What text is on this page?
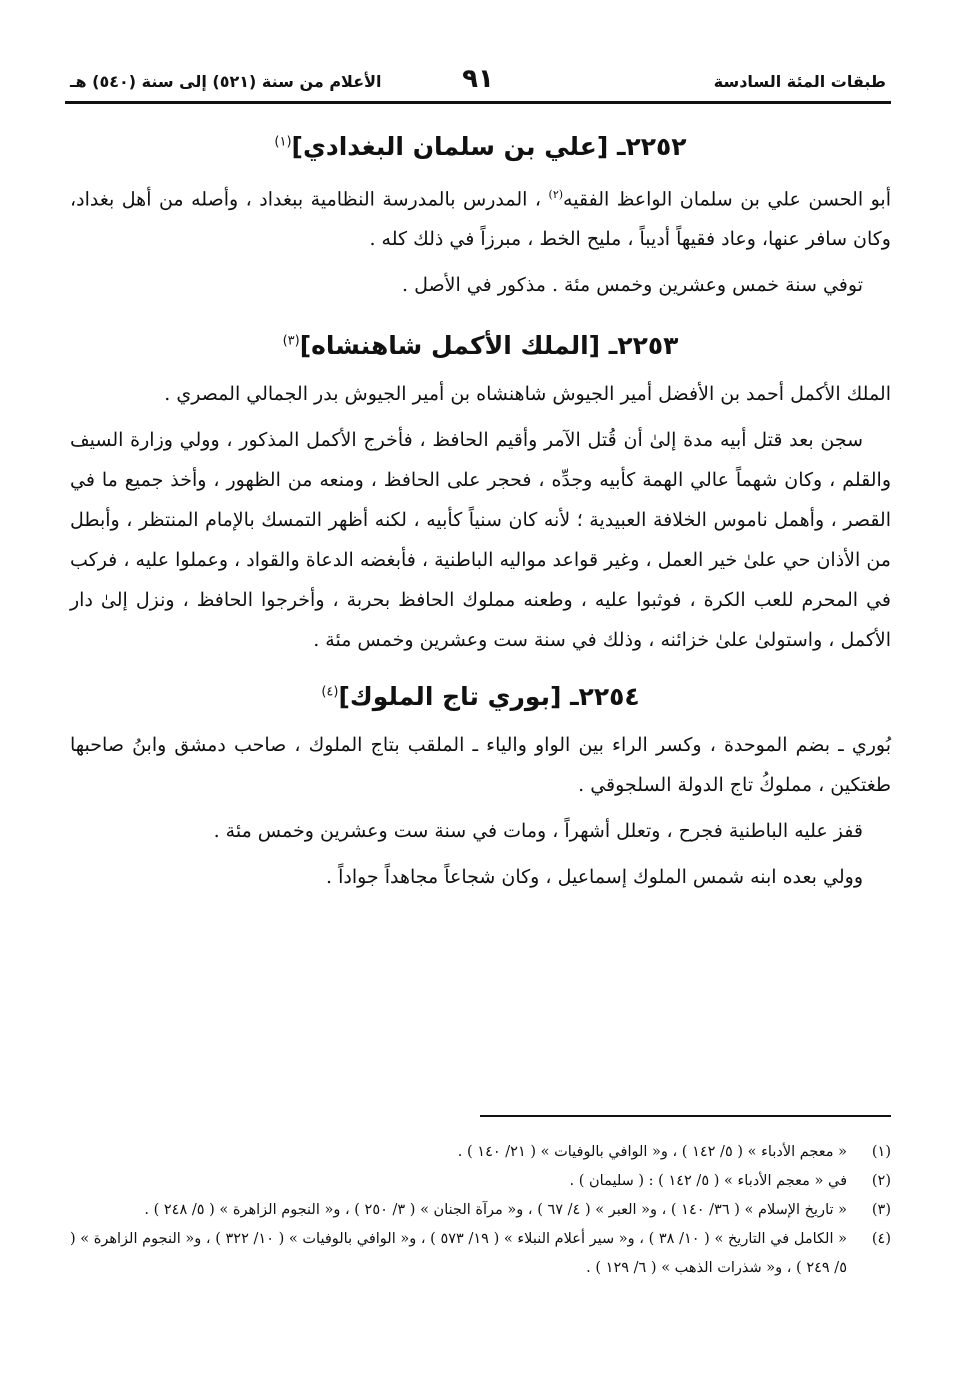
طبقات المئة السادسة
٩١
الأعلام من سنة (٥٢١) إلى سنة (٥٤٠) هـ
٢٢٥٢ـ [علي بن سلمان البغدادي]$^{(١)}$

أبو الحسن علي بن سلمان الواعظ الفقيه$^{(٢)}$ ، المدرس بالمدرسة النظامية ببغداد ، وأصله من أهل بغداد، وكان سافر عنها، وعاد فقيهاً أديباً ، مليح الخط ، مبرزاً في ذلك كله .

توفي سنة خمس وعشرين وخمس مئة . مذكور في الأصل .

٢٢٥٣ـ [الملك الأكمل شاهنشاه]$^{(٣)}$

الملك الأكمل أحمد بن الأفضل أمير الجيوش شاهنشاه بن أمير الجيوش بدر الجمالي المصري .

سجن بعد قتل أبيه مدة إلىٰ أن قُتل الآمر وأقيم الحافظ ، فأخرج الأكمل المذكور ، وولي وزارة السيف والقلم ، وكان شهماً عالي الهمة كأبيه وجدِّه ، فحجر على الحافظ ، ومنعه من الظهور ، وأخذ جميع ما في القصر ، وأهمل ناموس الخلافة العبيدية ؛ لأنه كان سنياً كأبيه ، لكنه أظهر التمسك بالإمام المنتظر ، وأبطل من الأذان حي علىٰ خير العمل ، وغير قواعد مواليه الباطنية ، فأبغضه الدعاة والقواد ، وعملوا عليه ، فركب في المحرم للعب الكرة ، فوثبوا عليه ، وطعنه مملوك الحافظ بحربة ، وأخرجوا الحافظ ، ونزل إلىٰ دار الأكمل ، واستولىٰ علىٰ خزائنه ، وذلك في سنة ست وعشرين وخمس مئة .

٢٢٥٤ـ [بوري تاج الملوك]$^{(٤)}$

بُوري ـ بضم الموحدة ، وكسر الراء بين الواو والياء ـ الملقب بتاج الملوك ، صاحب دمشق وابنُ صاحبها طغتكين ، مملوكُ تاج الدولة السلجوقي .

قفز عليه الباطنية فجرح ، وتعلل أشهراً ، ومات في سنة ست وعشرين وخمس مئة .

وولي بعده ابنه شمس الملوك إسماعيل ، وكان شجاعاً مجاهداً جواداً .

(١)
« معجم الأدباء » ( ٥/ ١٤٢ ) ، و« الوافي بالوفيات » ( ٢١/ ١٤٠ ) .
(٢)
في « معجم الأدباء » ( ٥/ ١٤٢ ) : ( سليمان ) .
(٣)
« تاريخ الإسلام » ( ٣٦/ ١٤٠ ) ، و« العبر » ( ٤/ ٦٧ ) ، و« مرآة الجنان » ( ٣/ ٢٥٠ ) ، و« النجوم الزاهرة » ( ٥/ ٢٤٨ ) .
(٤)
« الكامل في التاريخ » ( ١٠/ ٣٨ ) ، و« سير أعلام النبلاء » ( ١٩/ ٥٧٣ ) ، و« الوافي بالوفيات » ( ١٠/ ٣٢٢ ) ، و« النجوم الزاهرة » ( ٥/ ٢٤٩ ) ، و« شذرات الذهب » ( ٦/ ١٢٩ ) .
